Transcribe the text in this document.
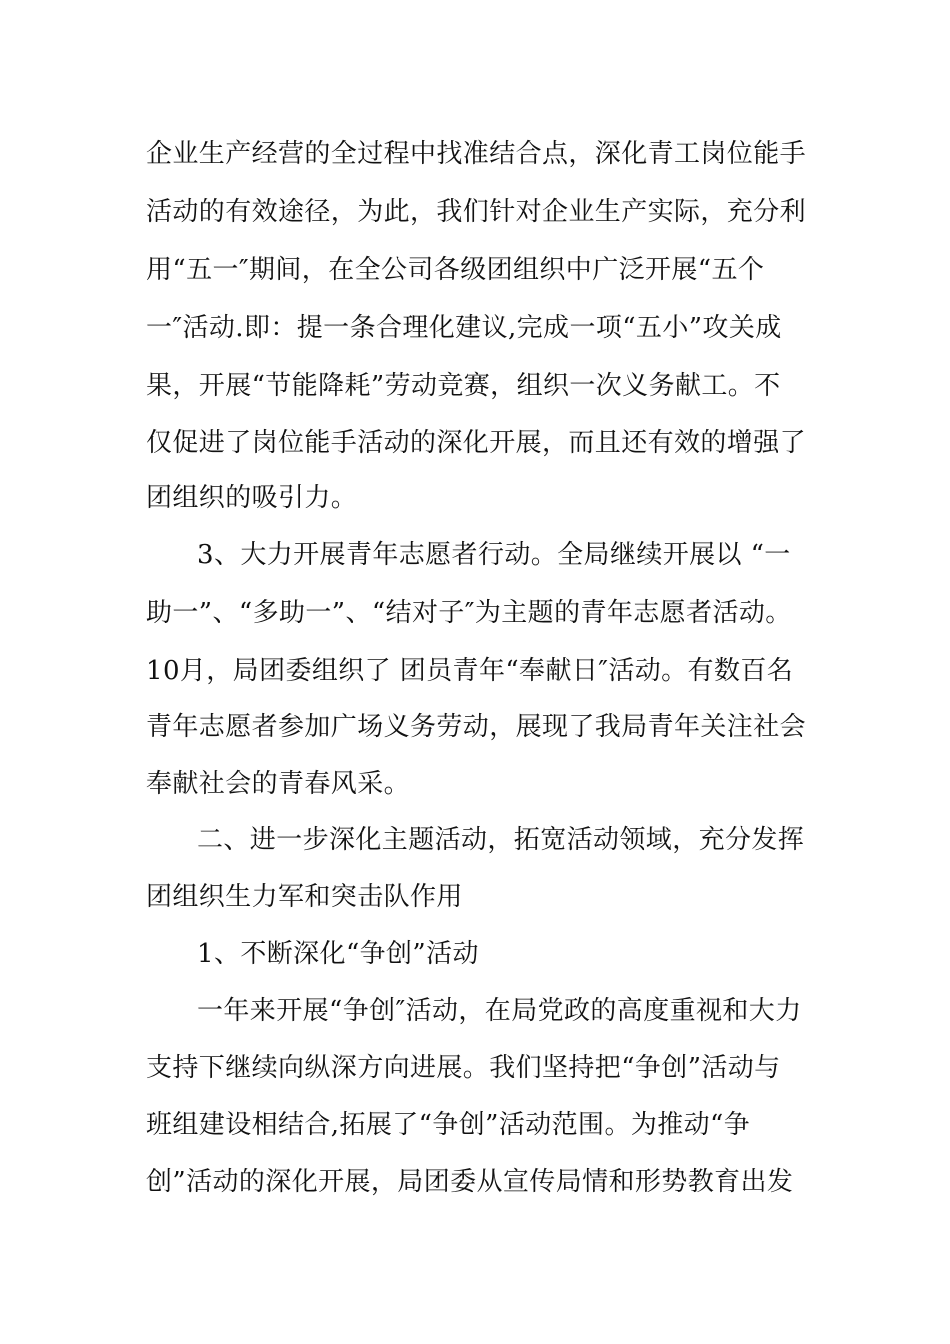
企业生产经营的全过程中找准结合点，深化青工岗位能手
活动的有效途径，为此，我们针对企业生产实际，充分利
用“五一″期间，在全公司各级团组织中广泛开展“五个
一″活动.即：提一条合理化建议,完成一项“五小”攻关成
果，开展“节能降耗”劳动竞赛，组织一次义务献工。不
仅促进了岗位能手活动的深化开展，而且还有效的增强了
团组织的吸引力。
3、大力开展青年志愿者行动。全局继续开展以 “一
助一”、“多助一”、“结对子″为主题的青年志愿者活动。
10月，局团委组织了 团员青年“奉献日″活动。有数百名
青年志愿者参加广场义务劳动，展现了我局青年关注社会
奉献社会的青春风采。
二、进一步深化主题活动，拓宽活动领域，充分发挥
团组织生力军和突击队作用
1、不断深化“争创”活动
一年来开展“争创″活动，在局党政的高度重视和大力
支持下继续向纵深方向进展。我们坚持把“争创”活动与
班组建设相结合,拓展了“争创”活动范围。为推动“争
创”活动的深化开展，局团委从宣传局情和形势教育出发
